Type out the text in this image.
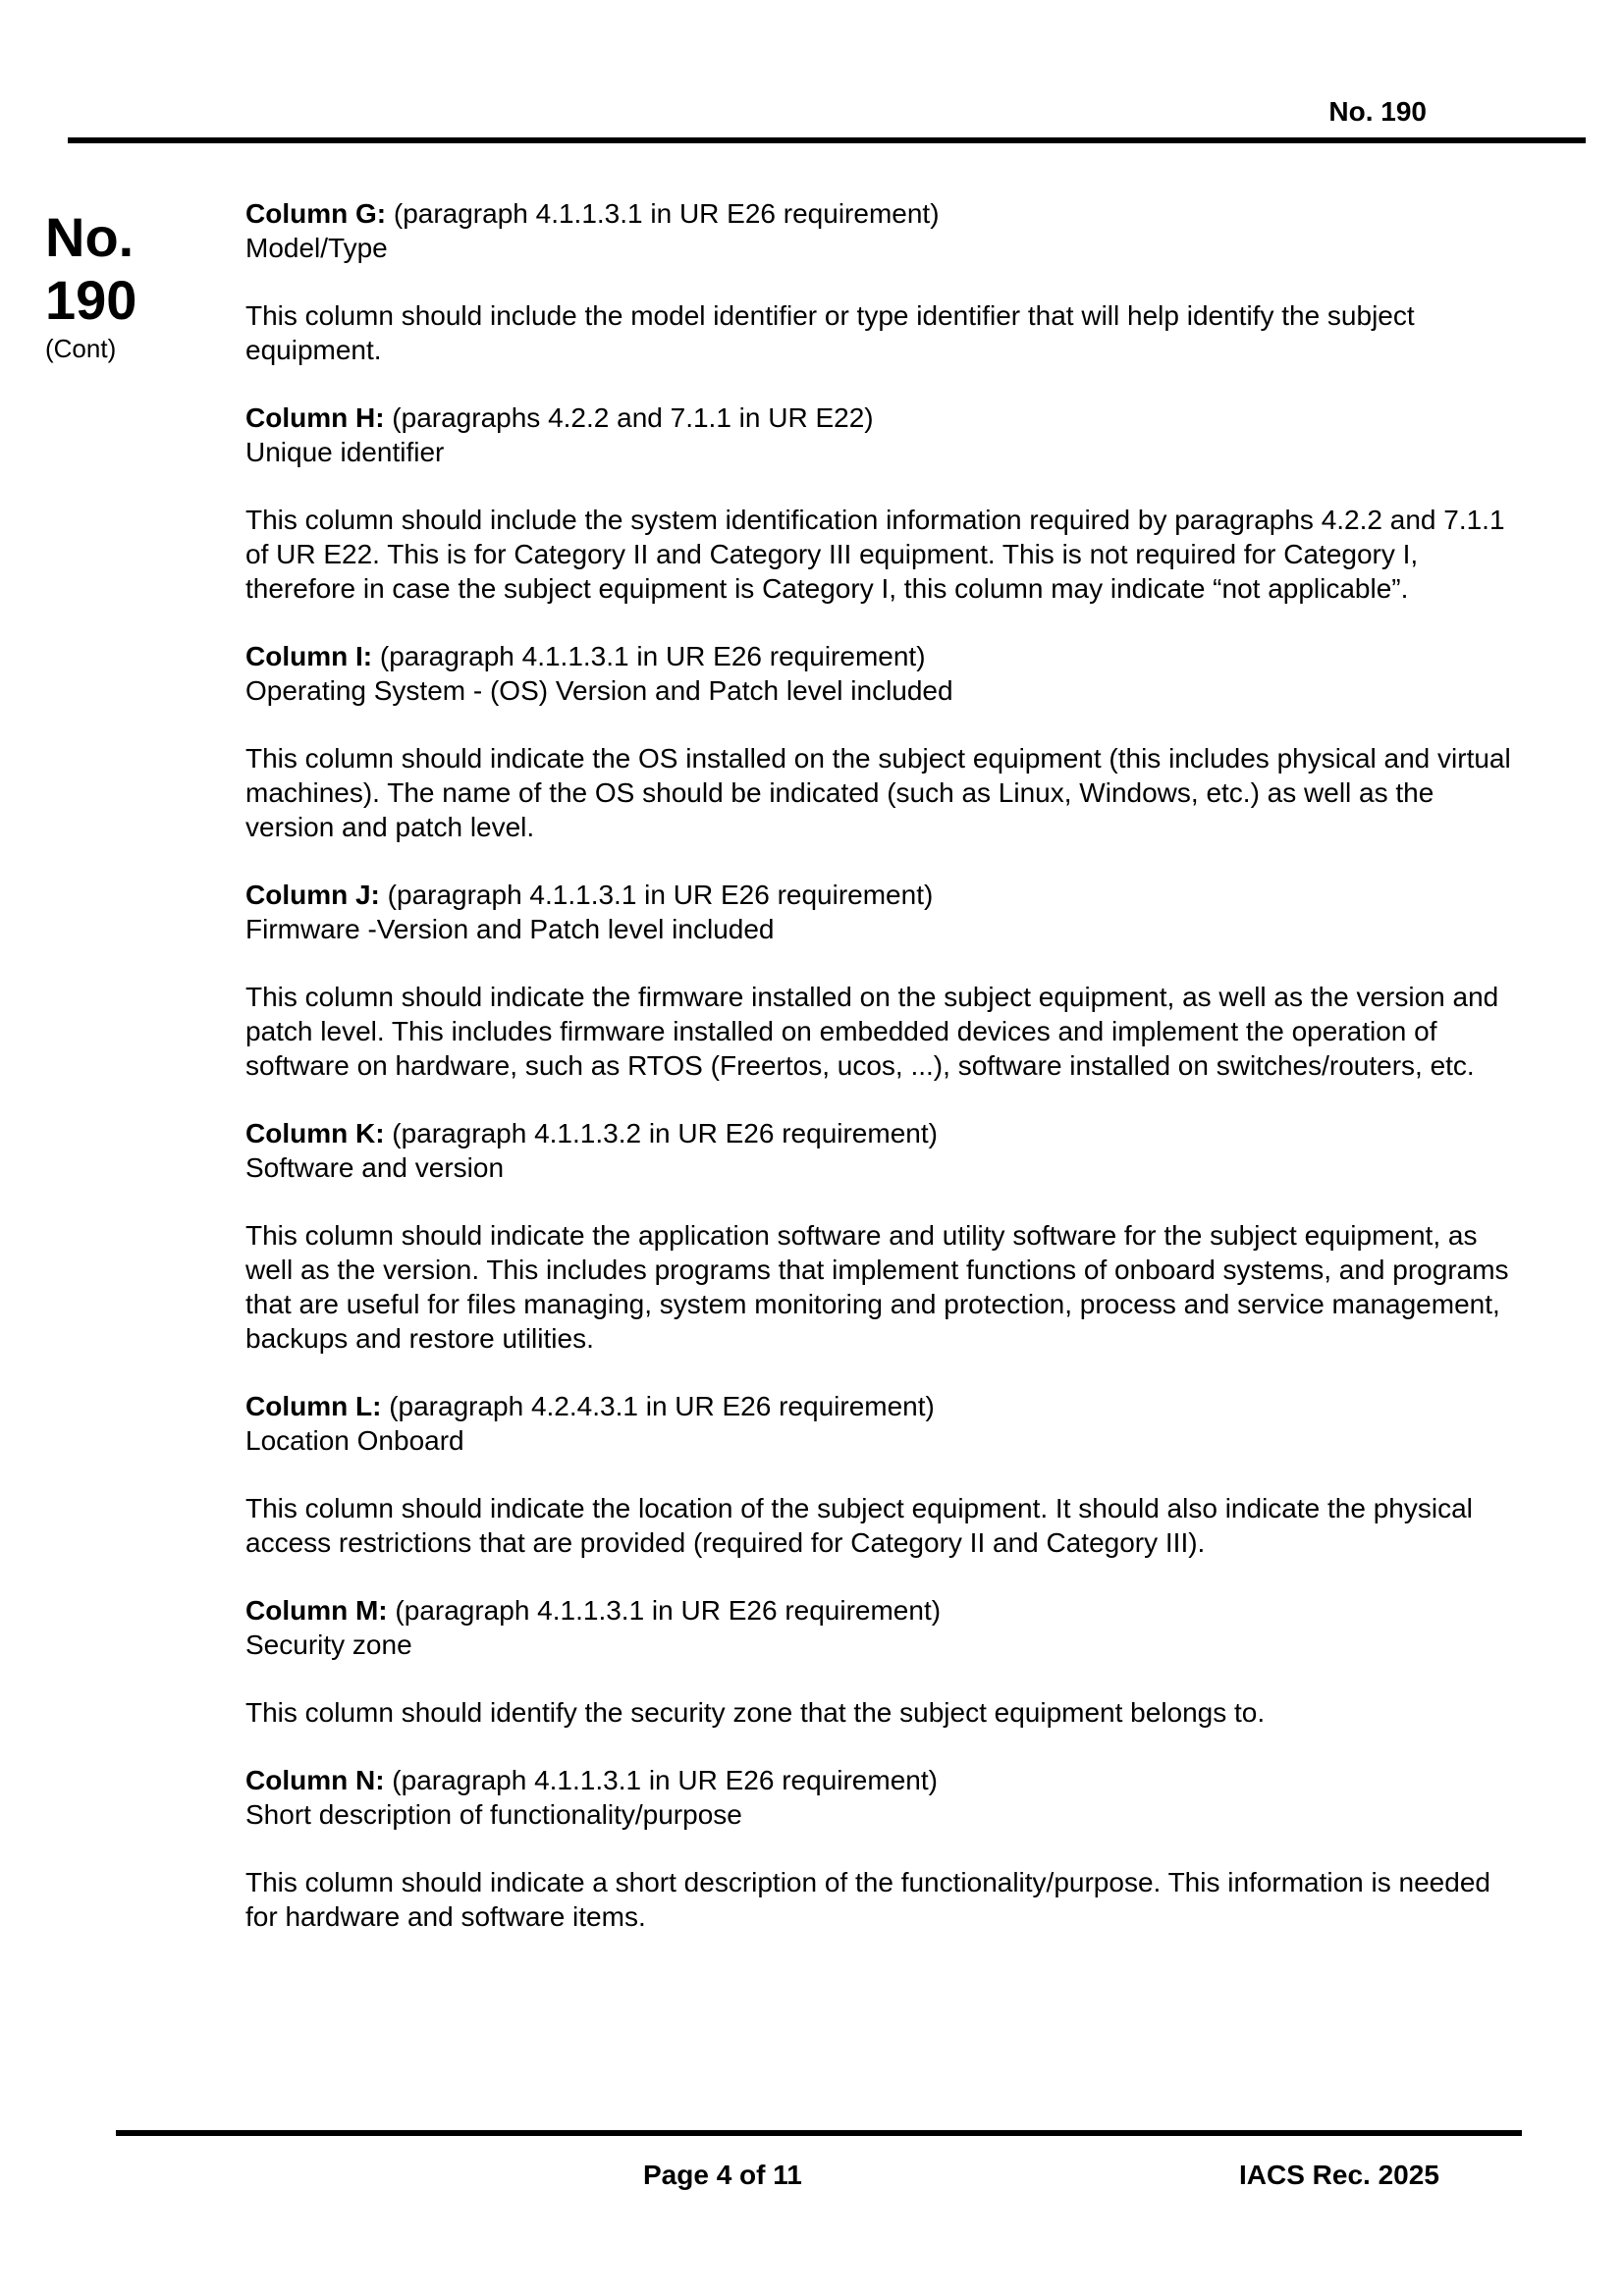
No. 190
No.
190
(Cont)

Column G: (paragraph 4.1.1.3.1 in UR E26 requirement)

Model/Type

This column should include the model identifier or type identifier that will help identify the subject equipment.

Column H: (paragraphs 4.2.2 and 7.1.1 in UR E22)

Unique identifier

This column should include the system identification information required by paragraphs 4.2.2 and 7.1.1 of UR E22. This is for Category II and Category III equipment. This is not required for Category I, therefore in case the subject equipment is Category I, this column may indicate “not applicable”.

Column I: (paragraph 4.1.1.3.1 in UR E26 requirement)

Operating System - (OS) Version and Patch level included

This column should indicate the OS installed on the subject equipment (this includes physical and virtual machines). The name of the OS should be indicated (such as Linux, Windows, etc.) as well as the version and patch level.

Column J: (paragraph 4.1.1.3.1 in UR E26 requirement)

Firmware -Version and Patch level included

This column should indicate the firmware installed on the subject equipment, as well as the version and patch level. This includes firmware installed on embedded devices and implement the operation of software on hardware, such as RTOS (Freertos, ucos, ...), software installed on switches/routers, etc.

Column K: (paragraph 4.1.1.3.2 in UR E26 requirement)

Software and version

This column should indicate the application software and utility software for the subject equipment, as well as the version. This includes programs that implement functions of onboard systems, and programs that are useful for files managing, system monitoring and protection, process and service management, backups and restore utilities.

Column L: (paragraph 4.2.4.3.1 in UR E26 requirement)

Location Onboard

This column should indicate the location of the subject equipment. It should also indicate the physical access restrictions that are provided (required for Category II and Category III).

Column M: (paragraph 4.1.1.3.1 in UR E26 requirement)

Security zone

This column should identify the security zone that the subject equipment belongs to.

Column N: (paragraph 4.1.1.3.1 in UR E26 requirement)

Short description of functionality/purpose

This column should indicate a short description of the functionality/purpose. This information is needed for hardware and software items.

Page 4 of 11	IACS Rec. 2025
